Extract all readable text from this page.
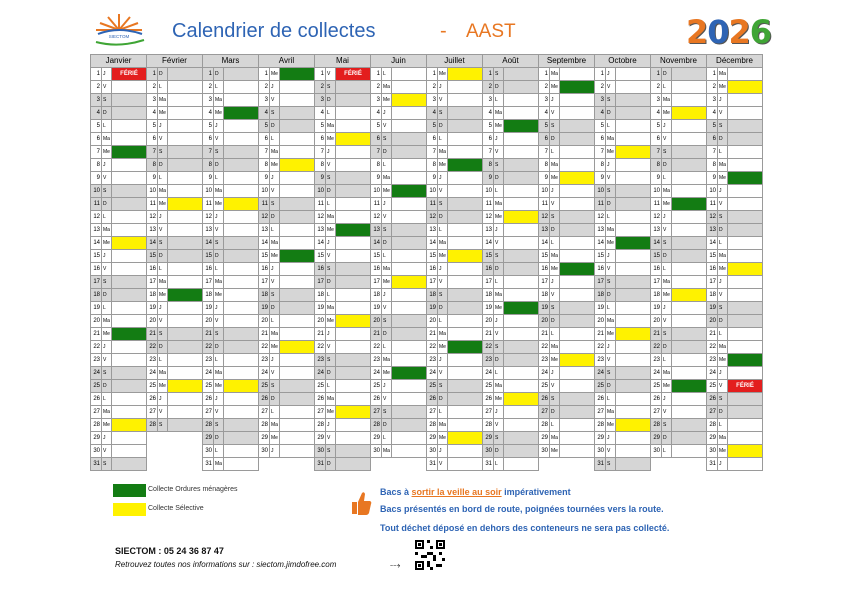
SIECTOM Calendrier de collectes	- AAST	2026
Janvier			Février			Mars			Avril			Mai			Juin			Juillet			Août			Septembre			Octobre			Novembre			Décembre		
1	J	FÉRIÉ	1	D		1	D		1	Me		1	V	FÉRIÉ	1	L		1	Me		1	S		1	Ma		1	J		1	D		1	Ma	
2	V		2	L		2	L		2	J		2	S		2	Ma		2	J		2	D		2	Me		2	V		2	L		2	Me	
3	S		3	Ma		3	Ma		3	V		3	D		3	Me		3	V		3	L		3	J		3	S		3	Ma		3	J	
4	D		4	Me		4	Me		4	S		4	L		4	J		4	S		4	Ma		4	V		4	D		4	Me		4	V	
5	L		5	J		5	J		5	D		5	Ma		5	V		5	D		5	Me		5	S		5	L		5	J		5	S	
6	Ma		6	V		6	V		6	L		6	Me		6	S		6	L		6	J		6	D		6	Ma		6	V		6	D	
7	Me		7	S		7	S		7	Ma		7	J		7	D		7	Ma		7	V		7	L		7	Me		7	S		7	L	
8	J		8	D		8	D		8	Me		8	V		8	L		8	Me		8	S		8	Ma		8	J		8	D		8	Ma	
9	V		9	L		9	L		9	J		9	S		9	Ma		9	J		9	D		9	Me		9	V		9	L		9	Me	
10	S		10	Ma		10	Ma		10	V		10	D		10	Me		10	V		10	L		10	J		10	S		10	Ma		10	J	
11	D		11	Me		11	Me		11	S		11	L		11	J		11	S		11	Ma		11	V		11	D		11	Me		11	V	
12	L		12	J		12	J		12	D		12	Ma		12	V		12	D		12	Me		12	S		12	L		12	J		12	S	
13	Ma		13	V		13	V		13	L		13	Me		13	S		13	L		13	J		13	D		13	Ma		13	V		13	D	
14	Me		14	S		14	S		14	Ma		14	J		14	D		14	Ma		14	V		14	L		14	Me		14	S		14	L	
15	J		15	D		15	D		15	Me		15	V		15	L		15	Me		15	S		15	Ma		15	J		15	D		15	Ma	
16	V		16	L		16	L		16	J		16	S		16	Ma		16	J		16	D		16	Me		16	V		16	L		16	Me	
17	S		17	Ma		17	Ma		17	V		17	D		17	Me		17	V		17	L		17	J		17	S		17	Ma		17	J	
18	D		18	Me		18	Me		18	S		18	L		18	J		18	S		18	Ma		18	V		18	D		18	Me		18	V	
19	L		19	J		19	J		19	D		19	Ma		19	V		19	D		19	Me		19	S		19	L		19	J		19	S	
20	Ma		20	V		20	V		20	L		20	Me		20	S		20	L		20	J		20	D		20	Ma		20	V		20	D	
21	Me		21	S		21	S		21	Ma		21	J		21	D		21	Ma		21	V		21	L		21	Me		21	S		21	L	
22	J		22	D		22	D		22	Me		22	V		22	L		22	Me		22	S		22	Ma		22	J		22	D		22	Ma	
23	V		23	L		23	L		23	J		23	S		23	Ma		23	J		23	D		23	Me		23	V		23	L		23	Me	
24	S		24	Ma		24	Ma		24	V		24	D		24	Me		24	V		24	L		24	J		24	S		24	Ma		24	J	
25	D		25	Me		25	Me		25	S		25	L		25	J		25	S		25	Ma		25	V		25	D		25	Me		25	V	FÉRIÉ
26	L		26	J		26	J		26	D		26	Ma		26	V		26	D		26	Me		26	S		26	L		26	J		26	S	
27	Ma		27	V		27	V		27	L		27	Me		27	S		27	L		27	J		27	D		27	Ma		27	V		27	D	
28	Me		28	S		28	S		28	Ma		28	J		28	D		28	Ma		28	V		28	L		28	Me		28	S		28	L	
29	J					29	D		29	Me		29	V		29	L		29	Me		29	S		29	Ma		29	J		29	D		29	Ma	
30	V					30	L		30	J		30	S		30	Ma		30	J		30	D		30	Me		30	V		30	L		30	Me	
31	S					31	Ma					31	D					31	V		31	L					31	S					31	J	
Collecte Ordures ménagères
Collecte Sélective
Bacs à sortir la veille au soir impérativement
Bacs présentés en bord de route, poignées tournées vers la route.
Tout déchet déposé en dehors des conteneurs ne sera pas collecté.
SIECTOM : 05 24 36 87 47
Retrouvez toutes nos informations sur : siectom.jimdofree.com	⤏
